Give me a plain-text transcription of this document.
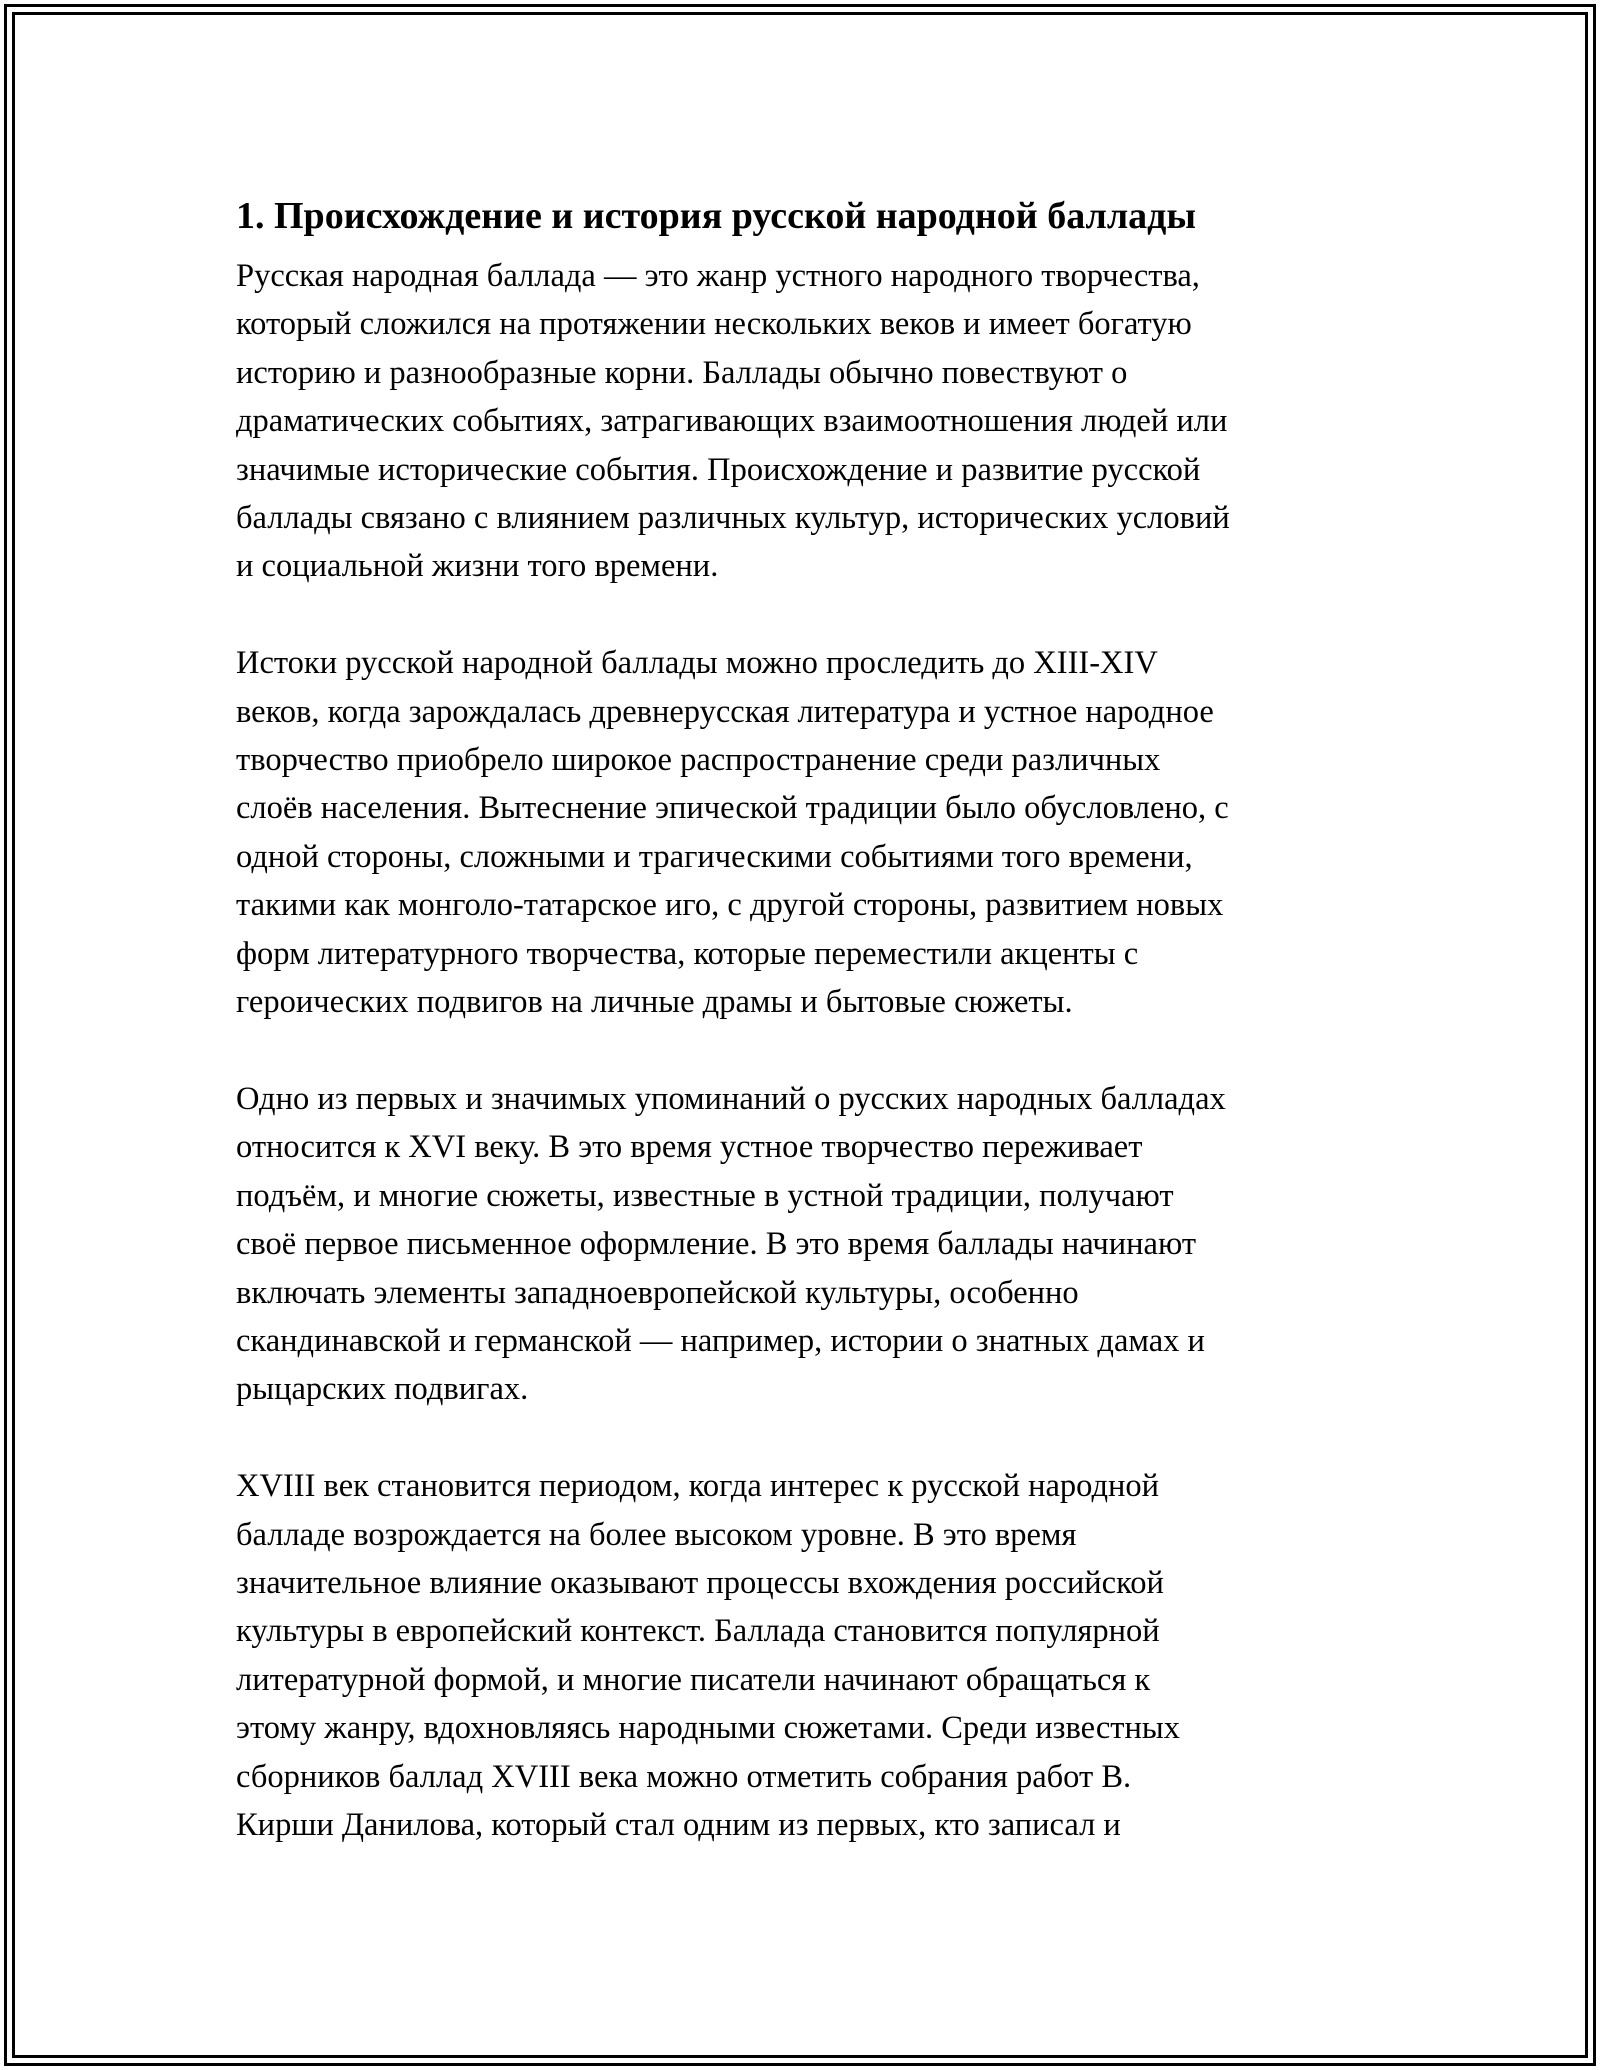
1. Происхождение и история русской народной баллады

Русская народная баллада — это жанр устного народного творчества,
который сложился на протяжении нескольких веков и имеет богатую
историю и разнообразные корни. Баллады обычно повествуют о
драматических событиях, затрагивающих взаимоотношения людей или
значимые исторические события. Происхождение и развитие русской
баллады связано с влиянием различных культур, исторических условий
и социальной жизни того времени.

Истоки русской народной баллады можно проследить до XIII-XIV
веков, когда зарождалась древнерусская литература и устное народное
творчество приобрело широкое распространение среди различных
слоёв населения. Вытеснение эпической традиции было обусловлено, с
одной стороны, сложными и трагическими событиями того времени,
такими как монголо-татарское иго, с другой стороны, развитием новых
форм литературного творчества, которые переместили акценты с
героических подвигов на личные драмы и бытовые сюжеты.

Одно из первых и значимых упоминаний о русских народных балладах
относится к XVI веку. В это время устное творчество переживает
подъём, и многие сюжеты, известные в устной традиции, получают
своё первое письменное оформление. В это время баллады начинают
включать элементы западноевропейской культуры, особенно
скандинавской и германской — например, истории о знатных дамах и
рыцарских подвигах.

XVIII век становится периодом, когда интерес к русской народной
балладе возрождается на более высоком уровне. В это время
значительное влияние оказывают процессы вхождения российской
культуры в европейский контекст. Баллада становится популярной
литературной формой, и многие писатели начинают обращаться к
этому жанру, вдохновляясь народными сюжетами. Среди известных
сборников баллад XVIII века можно отметить собрания работ В.
Кирши Данилова, который стал одним из первых, кто записал и
